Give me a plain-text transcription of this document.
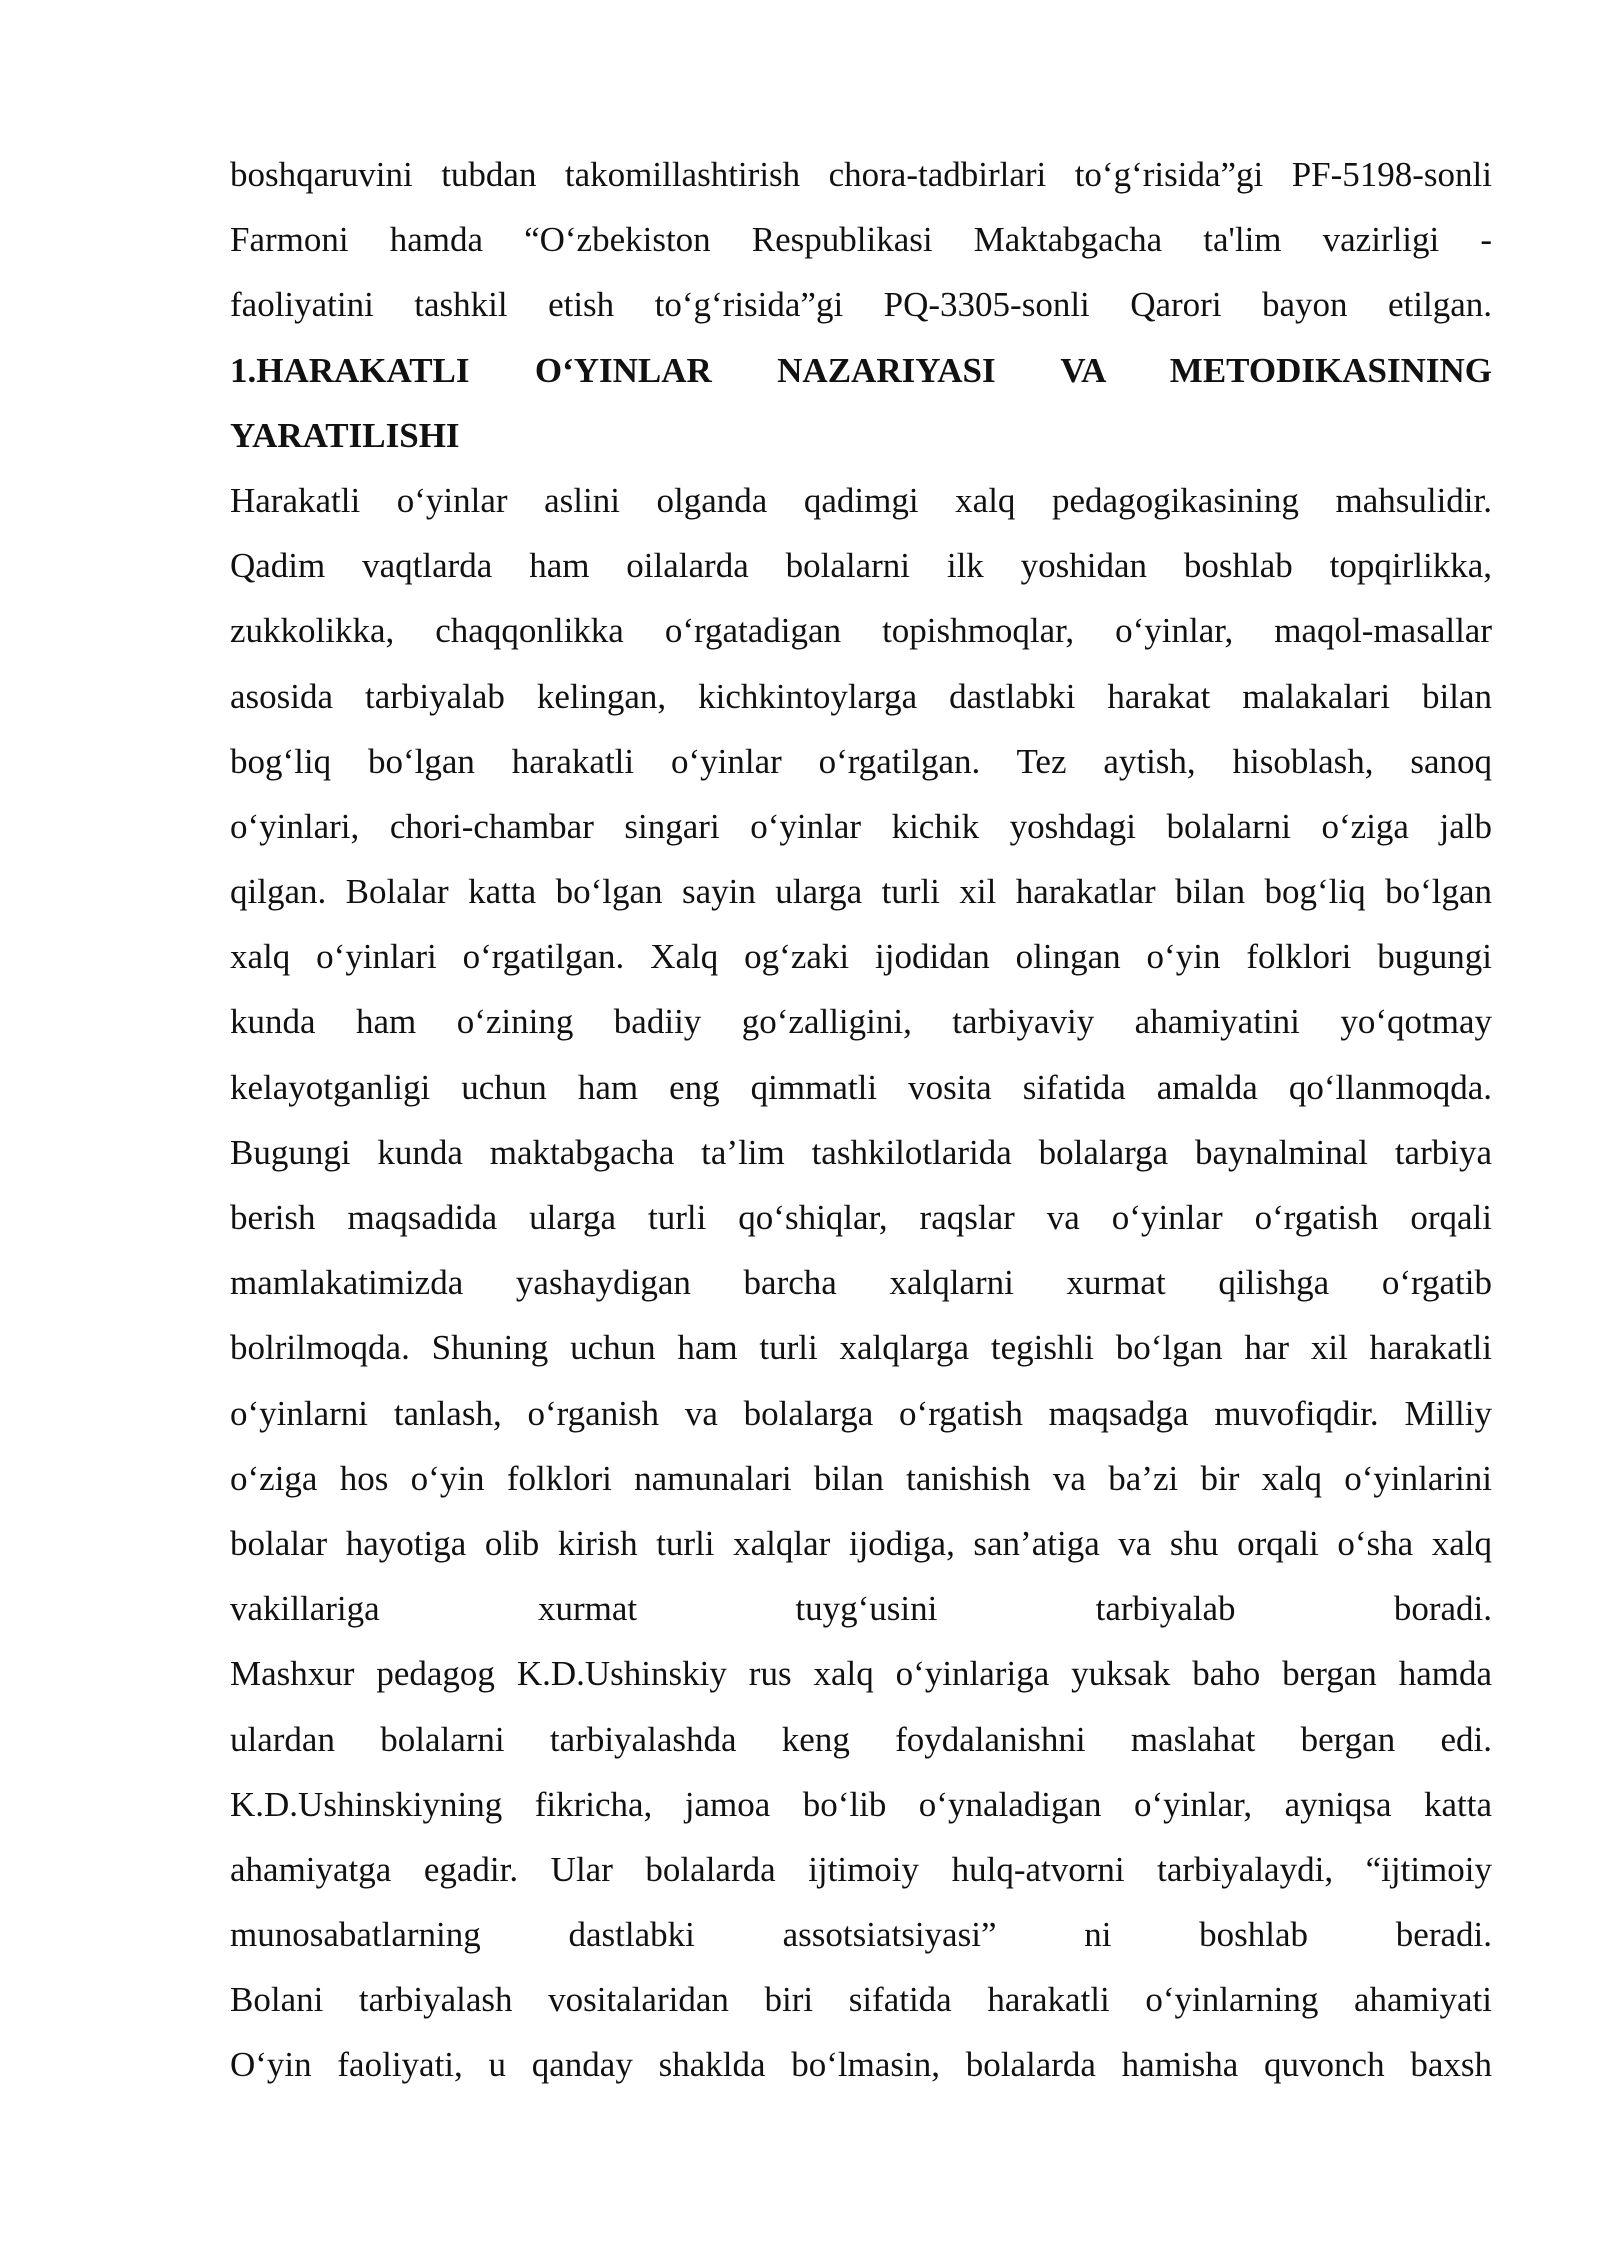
boshqaruvini tubdan takomillashtirish chora-tadbirlari to‘g‘risida”gi PF-5198-sonli
Farmoni hamda “O‘zbekiston Respublikasi Maktabgacha ta'lim vazirligi -
faoliyatini tashkil etish to‘g‘risida”gi PQ-3305-sonli Qarori bayon etilgan.
1.HARAKATLI O‘YINLAR NAZARIYASI VA METODIKASINING
YARATILISHI
Harakatli o‘yinlar aslini olganda qadimgi xalq pedagogikasining mahsulidir.
Qadim vaqtlarda ham oilalarda bolalarni ilk yoshidan boshlab topqirlikka,
zukkolikka, chaqqonlikka o‘rgatadigan topishmoqlar, o‘yinlar, maqol-masallar
asosida tarbiyalab kelingan, kichkintoylarga dastlabki harakat malakalari bilan
bog‘liq bo‘lgan harakatli o‘yinlar o‘rgatilgan. Tez aytish, hisoblash, sanoq
o‘yinlari, chori-chambar singari o‘yinlar kichik yoshdagi bolalarni o‘ziga jalb
qilgan. Bolalar katta bo‘lgan sayin ularga turli xil harakatlar bilan bog‘liq bo‘lgan
xalq o‘yinlari o‘rgatilgan. Xalq og‘zaki ijodidan olingan o‘yin folklori bugungi
kunda ham o‘zining badiiy go‘zalligini, tarbiyaviy ahamiyatini yo‘qotmay
kelayotganligi uchun ham eng qimmatli vosita sifatida amalda qo‘llanmoqda.
Bugungi kunda maktabgacha ta’lim tashkilotlarida bolalarga baynalminal tarbiya
berish maqsadida ularga turli qo‘shiqlar, raqslar va o‘yinlar o‘rgatish orqali
mamlakatimizda yashaydigan barcha xalqlarni xurmat qilishga o‘rgatib
bolrilmoqda. Shuning uchun ham turli xalqlarga tegishli bo‘lgan har xil harakatli
o‘yinlarni tanlash, o‘rganish va bolalarga o‘rgatish maqsadga muvofiqdir. Milliy
o‘ziga hos o‘yin folklori namunalari bilan tanishish va ba’zi bir xalq o‘yinlarini
bolalar hayotiga olib kirish turli xalqlar ijodiga, san’atiga va shu orqali o‘sha xalq
vakillariga xurmat tuyg‘usini tarbiyalab boradi.
Mashxur pedagog K.D.Ushinskiy rus xalq o‘yinlariga yuksak baho bergan hamda
ulardan bolalarni tarbiyalashda keng foydalanishni maslahat bergan edi.
K.D.Ushinskiyning fikricha, jamoa bo‘lib o‘ynaladigan o‘yinlar, ayniqsa katta
ahamiyatga egadir. Ular bolalarda ijtimoiy hulq-atvorni tarbiyalaydi, “ijtimoiy
munosabatlarning dastlabki assotsiatsiyasi” ni boshlab beradi.
Bolani tarbiyalash vositalaridan biri sifatida harakatli o‘yinlarning ahamiyati
O‘yin faoliyati, u qanday shaklda bo‘lmasin, bolalarda hamisha quvonch baxsh
